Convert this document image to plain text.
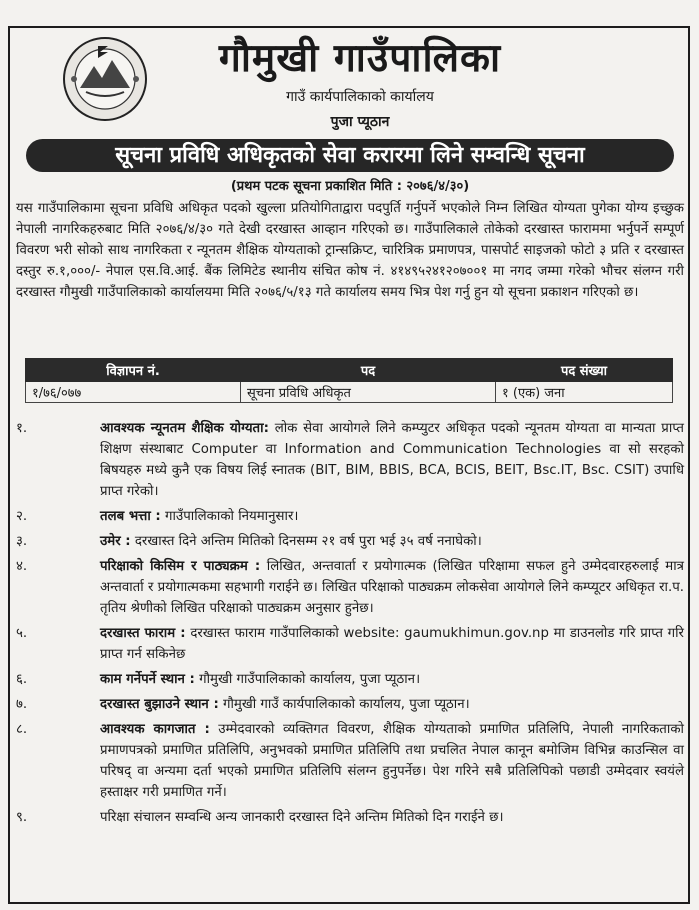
गौमुखी गाउँपालिका
गाउँ कार्यपालिकाको कार्यालय
पुजा प्यूठान
सूचना प्रविधि अधिकृतको सेवा करारमा लिने सम्वन्धि सूचना
(प्रथम पटक सूचना प्रकाशित मिति : २०७६/४/३०)
यस गाउँपालिकामा सूचना प्रविधि अधिकृत पदको खुल्ला प्रतियोगिताद्वारा पदपुर्ति गर्नुपर्ने भएकोले निम्न लिखित योग्यता पुगेका योग्य इच्छुक नेपाली नागरिकहरुबाट मिति २०७६/४/३० गते देखी दरखास्त आव्हान गरिएको छ। गाउँपालिकाले तोकेको दरखास्त फाराममा भर्नुपर्ने सम्पूर्ण विवरण भरी सोको साथ नागरिकता र न्यूनतम शैक्षिक योग्यताको ट्रान्सक्रिप्ट, चारित्रिक प्रमाणपत्र, पासपोर्ट साइजको फोटो ३ प्रति र दरखास्त दस्तुर रु.१,०००/- नेपाल एस.वि.आई. बैंक लिमिटेड स्थानीय संचित कोष नं. ४१४९५२४१२०७००१ मा नगद जम्मा गरेको भौचर संलग्न गरी दरखास्त गौमुखी गाउँपालिकाको कार्यालयमा मिति २०७६/५/१३ गते कार्यालय समय भित्र पेश गर्नु हुन यो सूचना प्रकाशन गरिएको छ।
विज्ञापन नं.	पद	पद संख्या
१/७६/०७७	सूचना प्रविधि अधिकृत	१ (एक) जना
१.	आवश्यक न्यूनतम शैक्षिक योग्यता: लोक सेवा आयोगले लिने कम्प्युटर अधिकृत पदको न्यूनतम योग्यता वा मान्यता प्राप्त शिक्षण संस्थाबाट Computer वा Information and Communication Technologies वा सो सरहको बिषयहरु मध्ये कुनै एक विषय लिई स्नातक (BIT, BIM, BBIS, BCA, BCIS, BEIT, Bsc.IT, Bsc. CSIT) उपाधि प्राप्त गरेको।
२.	तलब भत्ता : गाउँपालिकाको नियमानुसार।
३.	उमेर : दरखास्त दिने अन्तिम मितिको दिनसम्म २१ वर्ष पुरा भई ३५ वर्ष ननाघेको।
४.	परिक्षाको किसिम र पाठ्यक्रम : लिखित, अन्तवार्ता र प्रयोगात्मक (लिखित परिक्षामा सफल हुने उम्मेदवारहरुलाई मात्र अन्तवार्ता र प्रयोगात्मकमा सहभागी गराईने छ। लिखित परिक्षाको पाठ्यक्रम लोकसेवा आयोगले लिने कम्प्यूटर अधिकृत रा.प. तृतिय श्रेणीको लिखित परिक्षाको पाठ्यक्रम अनुसार हुनेछ।
५.	दरखास्त फाराम : दरखास्त फाराम गाउँपालिकाको website: gaumukhimun.gov.np मा डाउनलोड गरि प्राप्त गरि प्राप्त गर्न सकिनेछ
६.	काम गर्नेपर्ने स्थान : गौमुखी गाउँपालिकाको कार्यालय, पुजा प्यूठान।
७.	दरखास्त बुझाउने स्थान : गौमुखी गाउँ कार्यपालिकाको कार्यालय, पुजा प्यूठान।
८.	आवश्यक कागजात : उम्मेदवारको व्यक्तिगत विवरण, शैक्षिक योग्यताको प्रमाणित प्रतिलिपि, नेपाली नागरिकताको प्रमाणपत्रको प्रमाणित प्रतिलिपि, अनुभवको प्रमाणित प्रतिलिपि तथा प्रचलित नेपाल कानून बमोजिम विभिन्न काउन्सिल वा परिषद् वा अन्यमा दर्ता भएको प्रमाणित प्रतिलिपि संलग्न हुनुपर्नेछ। पेश गरिने सबै प्रतिलिपिको पछाडी उम्मेदवार स्वयंले हस्ताक्षर गरी प्रमाणित गर्ने।
९.	परिक्षा संचालन सम्वन्धि अन्य जानकारी दरखास्त दिने अन्तिम मितिको दिन गराईने छ।
